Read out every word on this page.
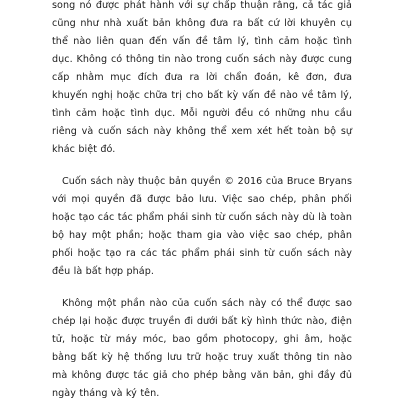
song nó được phát hành với sự chấp thuận rằng, cả tác giả cũng như nhà xuất bản không đưa ra bất cứ lời khuyên cụ thể nào liên quan đến vấn đề tâm lý, tình cảm hoặc tình dục. Không có thông tin nào trong cuốn sách này được cung cấp nhằm mục đích đưa ra lời chẩn đoán, kê đơn, đưa khuyến nghị hoặc chữa trị cho bất kỳ vấn đề nào về tâm lý, tình cảm hoặc tình dục. Mỗi người đều có những nhu cầu riêng và cuốn sách này không thể xem xét hết toàn bộ sự khác biệt đó.

Cuốn sách này thuộc bản quyền © 2016 của Bruce Bryans với mọi quyền đã được bảo lưu. Việc sao chép, phân phối hoặc tạo các tác phẩm phái sinh từ cuốn sách này dù là toàn bộ hay một phần; hoặc tham gia vào việc sao chép, phân phối hoặc tạo ra các tác phẩm phái sinh từ cuốn sách này đều là bất hợp pháp.

Không một phần nào của cuốn sách này có thể được sao chép lại hoặc được truyền đi dưới bất kỳ hình thức nào, điện tử, hoặc từ máy móc, bao gồm photocopy, ghi âm, hoặc bằng bất kỳ hệ thống lưu trữ hoặc truy xuất thông tin nào mà không được tác giả cho phép bằng văn bản, ghi đầy đủ ngày tháng và ký tên.
